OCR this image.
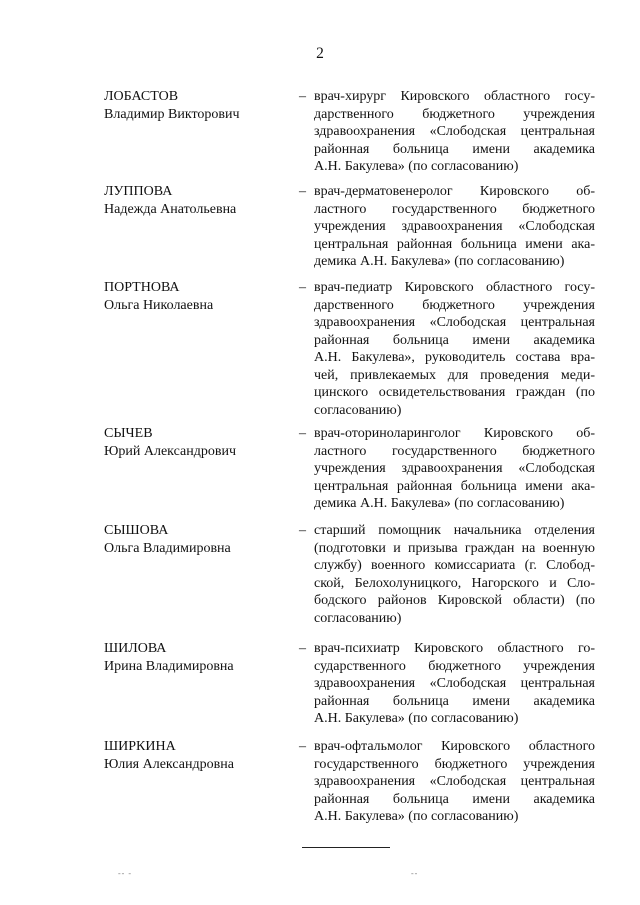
2
ЛОБАСТОВ
Владимир Викторович
– врач-хирург Кировского областного госу-
дарственного бюджетного учреждения
здравоохранения «Слободская центральная
районная больница имени академика
А.Н. Бакулева» (по согласованию)
ЛУППОВА
Надежда Анатольевна
– врач-дерматовенеролог Кировского об-
ластного государственного бюджетного
учреждения здравоохранения «Слободская
центральная районная больница имени ака-
демика А.Н. Бакулева» (по согласованию)
ПОРТНОВА
Ольга Николаевна
– врач-педиатр Кировского областного госу-
дарственного бюджетного учреждения
здравоохранения «Слободская центральная
районная больница имени академика
А.Н. Бакулева», руководитель состава вра-
чей, привлекаемых для проведения меди-
цинского освидетельствования граждан (по
согласованию)
СЫЧЕВ
Юрий Александрович
– врач-оториноларинголог Кировского об-
ластного государственного бюджетного
учреждения здравоохранения «Слободская
центральная районная больница имени ака-
демика А.Н. Бакулева» (по согласованию)
СЫШОВА
Ольга Владимировна
– старший помощник начальника отделения
(подготовки и призыва граждан на военную
службу) военного комиссариата (г. Слобод-
ской, Белохолуницкого, Нагорского и Сло-
бодского районов Кировской области) (по
согласованию)
ШИЛОВА
Ирина Владимировна
– врач-психиатр Кировского областного го-
сударственного бюджетного учреждения
здравоохранения «Слободская центральная
районная больница имени академика
А.Н. Бакулева» (по согласованию)
ШИРКИНА
Юлия Александровна
– врач-офтальмолог Кировского областного
государственного бюджетного учреждения
здравоохранения «Слободская центральная
районная больница имени академика
А.Н. Бакулева» (по согласованию)
-- -	--
